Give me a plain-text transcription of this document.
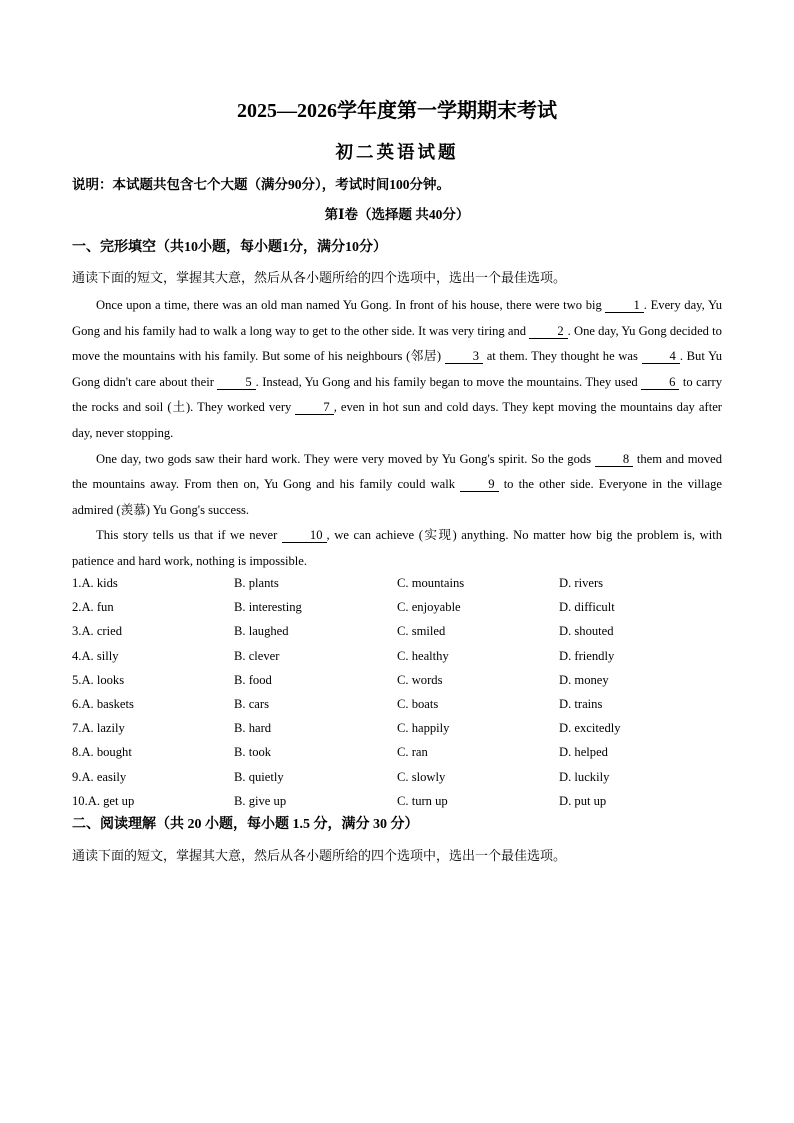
2025—2026学年度第一学期期末考试
初二英语试题
说明：本试题共包含七个大题（满分90分），考试时间100分钟。
第Ⅰ卷（选择题 共40分）
一、完形填空（共10小题，每小题1分，满分10分）
通读下面的短文，掌握其大意，然后从各小题所给的四个选项中，选出一个最佳选项。

Once upon a time, there was an old man named Yu Gong. In front of his house, there were two big	1 . Every day, Yu Gong and his family had to walk a long way to get to the other side. It was very tiring and 2 . One day, Yu Gong decided to move the mountains with his family. But some of his neighbours (邻居)	3 at them. They thought he was	4 . But Yu Gong didn't care about their 5 . Instead, Yu Gong and his family began to move the mountains. They used 6 to carry the rocks and soil (土). They worked very	7 , even in hot sun and cold days. They kept moving the mountains day after day, never stopping.

One day, two gods saw their hard work. They were very moved by Yu Gong's spirit. So the gods	8 them and moved the mountains away. From then on, Yu Gong and his family could walk	9 to the other side. Everyone in the village admired (羡慕) Yu Gong's success.

This story tells us that if we never	10 , we can achieve (实现) anything. No matter how big the problem is, with patience and hard work, nothing is impossible.

1.A. kids	B. plants	C. mountains	D. rivers
2.A. fun	B. interesting	C. enjoyable	D. difficult
3.A. cried	B. laughed	C. smiled	D. shouted
4.A. silly	B. clever	C. healthy	D. friendly
5.A. looks	B. food	C. words	D. money
6.A. baskets	B. cars	C. boats	D. trains
7.A. lazily	B. hard	C. happily	D. excitedly
8.A. bought	B. took	C. ran	D. helped
9.A. easily	B. quietly	C. slowly	D. luckily
10.A. get up	B. give up	C. turn up	D. put up
二、阅读理解（共 20 小题，每小题 1.5 分，满分 30 分）
通读下面的短文，掌握其大意，然后从各小题所给的四个选项中，选出一个最佳选项。
